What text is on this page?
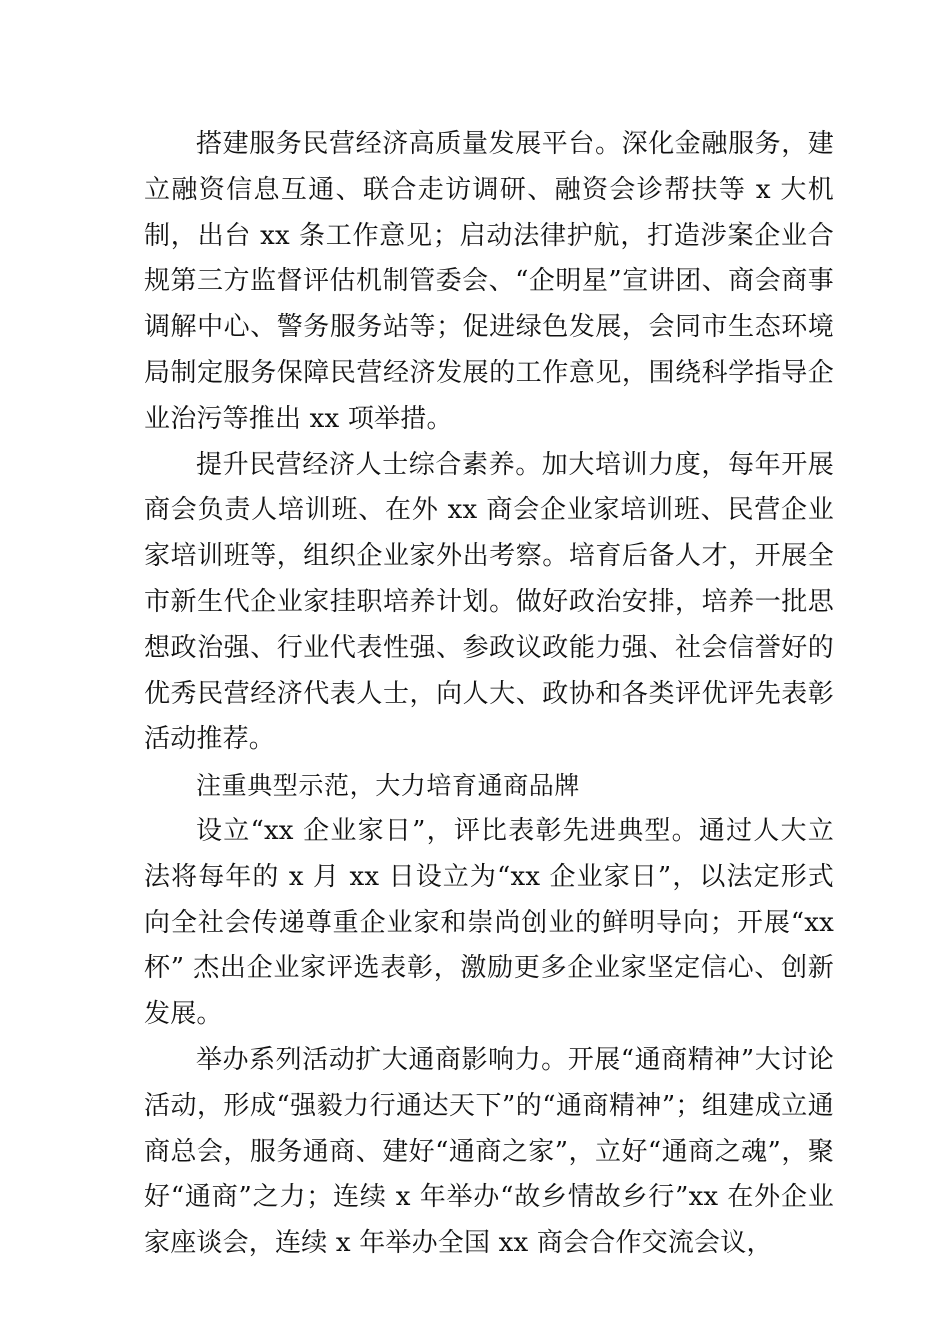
搭建服务民营经济高质量发展平台。深化金融服务，建立融资信息互通、联合走访调研、融资会诊帮扶等 x 大机制，出台 xx 条工作意见；启动法律护航，打造涉案企业合规第三方监督评估机制管委会、“企明星”宣讲团、商会商事调解中心、警务服务站等；促进绿色发展，会同市生态环境局制定服务保障民营经济发展的工作意见，围绕科学指导企业治污等推出 xx 项举措。

提升民营经济人士综合素养。加大培训力度，每年开展商会负责人培训班、在外 xx 商会企业家培训班、民营企业家培训班等，组织企业家外出考察。培育后备人才，开展全市新生代企业家挂职培养计划。做好政治安排，培养一批思想政治强、行业代表性强、参政议政能力强、社会信誉好的优秀民营经济代表人士，向人大、政协和各类评优评先表彰活动推荐。

注重典型示范，大力培育通商品牌

设立“xx 企业家日”，评比表彰先进典型。通过人大立法将每年的 x 月 xx 日设立为“xx 企业家日”，以法定形式向全社会传递尊重企业家和崇尚创业的鲜明导向；开展“xx 杯” 杰出企业家评选表彰，激励更多企业家坚定信心、创新发展。

举办系列活动扩大通商影响力。开展“通商精神”大讨论活动，形成“强毅力行通达天下”的“通商精神”；组建成立通商总会，服务通商、建好“通商之家”，立好“通商之魂”，聚好“通商”之力；连续 x 年举办“故乡情故乡行”xx 在外企业家座谈会，连续 x 年举办全国 xx 商会合作交流会议，
